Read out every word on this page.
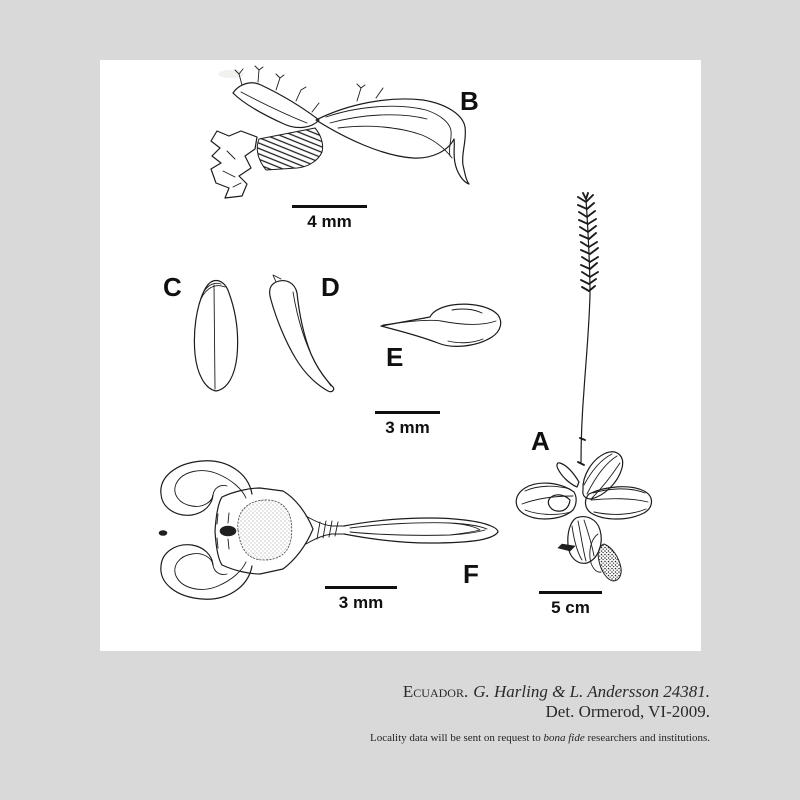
B
C	D
E
A
F
4 mm
3 mm
3 mm	5 cm
Ecuador. G. Harling & L. Andersson 24381.
Det. Ormerod, VI-2009.
Locality data will be sent on request to bona fide researchers and institutions.
